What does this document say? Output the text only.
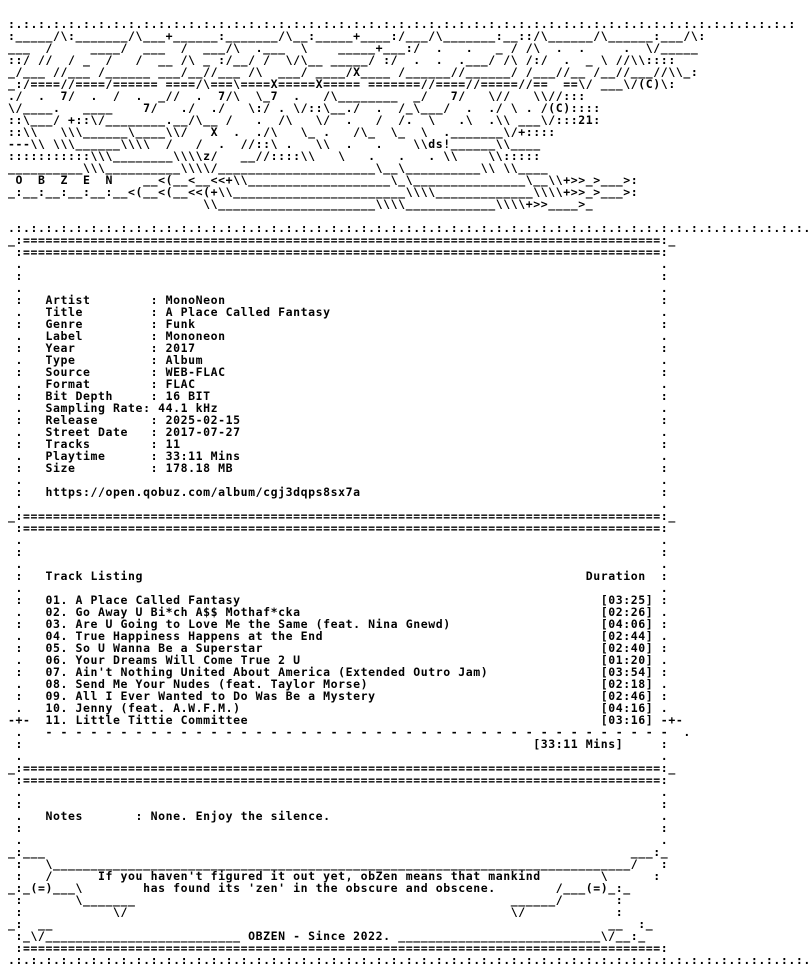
:.:.:.:.:.:.:.:.:.:.:.:.:.:.:.:.:.:.:.:.:.:.:.:.:.:.:.:.:.:.:.:.:.:.:.:.:.:.:.:.:.:.:.:.:.:.:.:.:.:.:.:.:
:_____/\:_______/\___+______:_______/\__:_____+____:/___/\_______:__::/\______/\______:___/\:
___  /     ____/  ___  /  ___/\  .___  \    _____+___:/  .   .   _ / /\  .  .     .  \/_____
::/ //  / _  /   /  __ /\ _ :/__/ /  \/\__ _____/ :/  .  .  .___/ /\ /:/  .  _ \ //\\::::
_/___ //___ /______ ___/__//___ /\  ___/ ____/X____ /______//______/ /___//__ /__//___//\\_:
_:/====//====/====== ====/\===\====X=====X===== =======//====//=====//==  ==\/ ___\/(C)\:
./  .  7/  .  /  .  _//  .  7/\  \_7  .   /\________  _/   7/   \//   \\//:::
\/____.   ____    7/   ./  ./   \:/ . \/::\__./  .  /_\___/  .  ./ \ . /(C)::::
::\___/ +::\/________.__/\__ /   .  /\   \/  .   /  /.  \   .\  .\\ ___\/:::21:
::\\   \\\______\____\\/   X  .  ./\   \_ .   /\_  \_  \  ._______\/+::::
---\\ \\\______\\\\  /   /  .  //::\ .   \\  .   .    \\ds!______\\____
:::::::::::\\\________\\\\z/   __//::::\\   \   .   .   . \\    \\:::::
__________\\\__________\\\\/_____________________\__\__________\\ \\____
O  B  Z  E  N    __<(__<__<<+\\___________________\_\_______________\__\\+>>_>___>:
_:__:__:__:__:__<(__<(__<<(+\\_______________________\\\\_____________\\\\+>>_>___>:
\\_____________________\\\\____________\\\\+>>____>_

.:.:.:.:.:.:.:.:.:.:.:.:.:.:.:.:.:.:.:.:.:.:.:.:.:.:.:.:.:.:.:.:.:.:.:.:.:.:.:.:.:.:.:.:.:.:.:.:.:.:.:.:.:.
_:=====================================================================================:_
:=====================================================================================:
.                                                                                     .
:                                                                                     :
.                                                                                     .
:   Artist        : MonoNeon                                                          :
.   Title         : A Place Called Fantasy                                            .
:   Genre         : Funk                                                              :
.   Label         : Mononeon                                                          .
:   Year          : 2017                                                              :
.   Type          : Album                                                             .
:   Source        : WEB-FLAC                                                          :
.   Format        : FLAC                                                              .
:   Bit Depth     : 16 BIT                                                            :
.   Sampling Rate: 44.1 kHz                                                           .
:   Release       : 2025-02-15                                                        :
.   Street Date   : 2017-07-27                                                        .
:   Tracks        : 11                                                                :
.   Playtime      : 33:11 Mins                                                        .
:   Size          : 178.18 MB                                                         :
.                                                                                     .
:   https://open.qobuz.com/album/cgj3dqps8sx7a                                        :
.                                                                                     .
_:=====================================================================================:_
:=====================================================================================:
.                                                                                     .
:                                                                                     :
.                                                                                     .
:   Track Listing                                                           Duration  :
.                                                                                     .
:   01. A Place Called Fantasy                                                [03:25] :
.   02. Go Away U Bi*ch A$$ Mothaf*cka                                        [02:26] .
:   03. Are U Going to Love Me the Same (feat. Nina Gnewd)                    [04:06] :
.   04. True Happiness Happens at the End                                     [02:44] .
:   05. So U Wanna Be a Superstar                                             [02:40] :
.   06. Your Dreams Will Come True 2 U                                        [01:20] .
:   07. Ain't Nothing United About America (Extended Outro Jam)               [03:54] :
.   08. Send Me Your Nudes (feat. Taylor Morse)                               [02:18] .
:   09. All I Ever Wanted to Do Was Be a Mystery                              [02:46] :
.   10. Jenny (feat. A.W.F.M.)                                                [04:16] .
-+-  11. Little Tittie Committee                                               [03:16] -+-
.   - - - - - - - - - - - - - - - - - - - - - - - - - - - - - - - - - - - - - - - - - -  .
:                                                                    [33:11 Mins]     :
.                                                                                     .
_:=====================================================================================:_
:=====================================================================================:
.                                                                                     .
:                                                                                     :
.   Notes       : None. Enjoy the silence.                                            .
:                                                                                     :
.                                                                                     .
_:___                                                                              ___:_
:   \_____________________________________________________________________________/   :
:   /      If you haven't figured it out yet, obZen means that mankind        \      :
_:_(=)___\        has found its 'zen' in the obscure and obscene.        /___(=)_:_
:       \_______                                                  ______/       :
:            \/                                                   \/            :
_:  __                                                                          __  :_
:_\/__________________________ OBZEN - Since 2022. ___________________________\/__:_
:=====================================================================================:
.:.:.:.:.:.:.:.:.:.:.:.:.:.:.:.:.:.:.:.:.:.:.:.:.:.:.:.:.:.:.:.:.:.:.:.:.:.:.:.:.:.:.:.:.:.:.:.:.:.:.:.:.:.
